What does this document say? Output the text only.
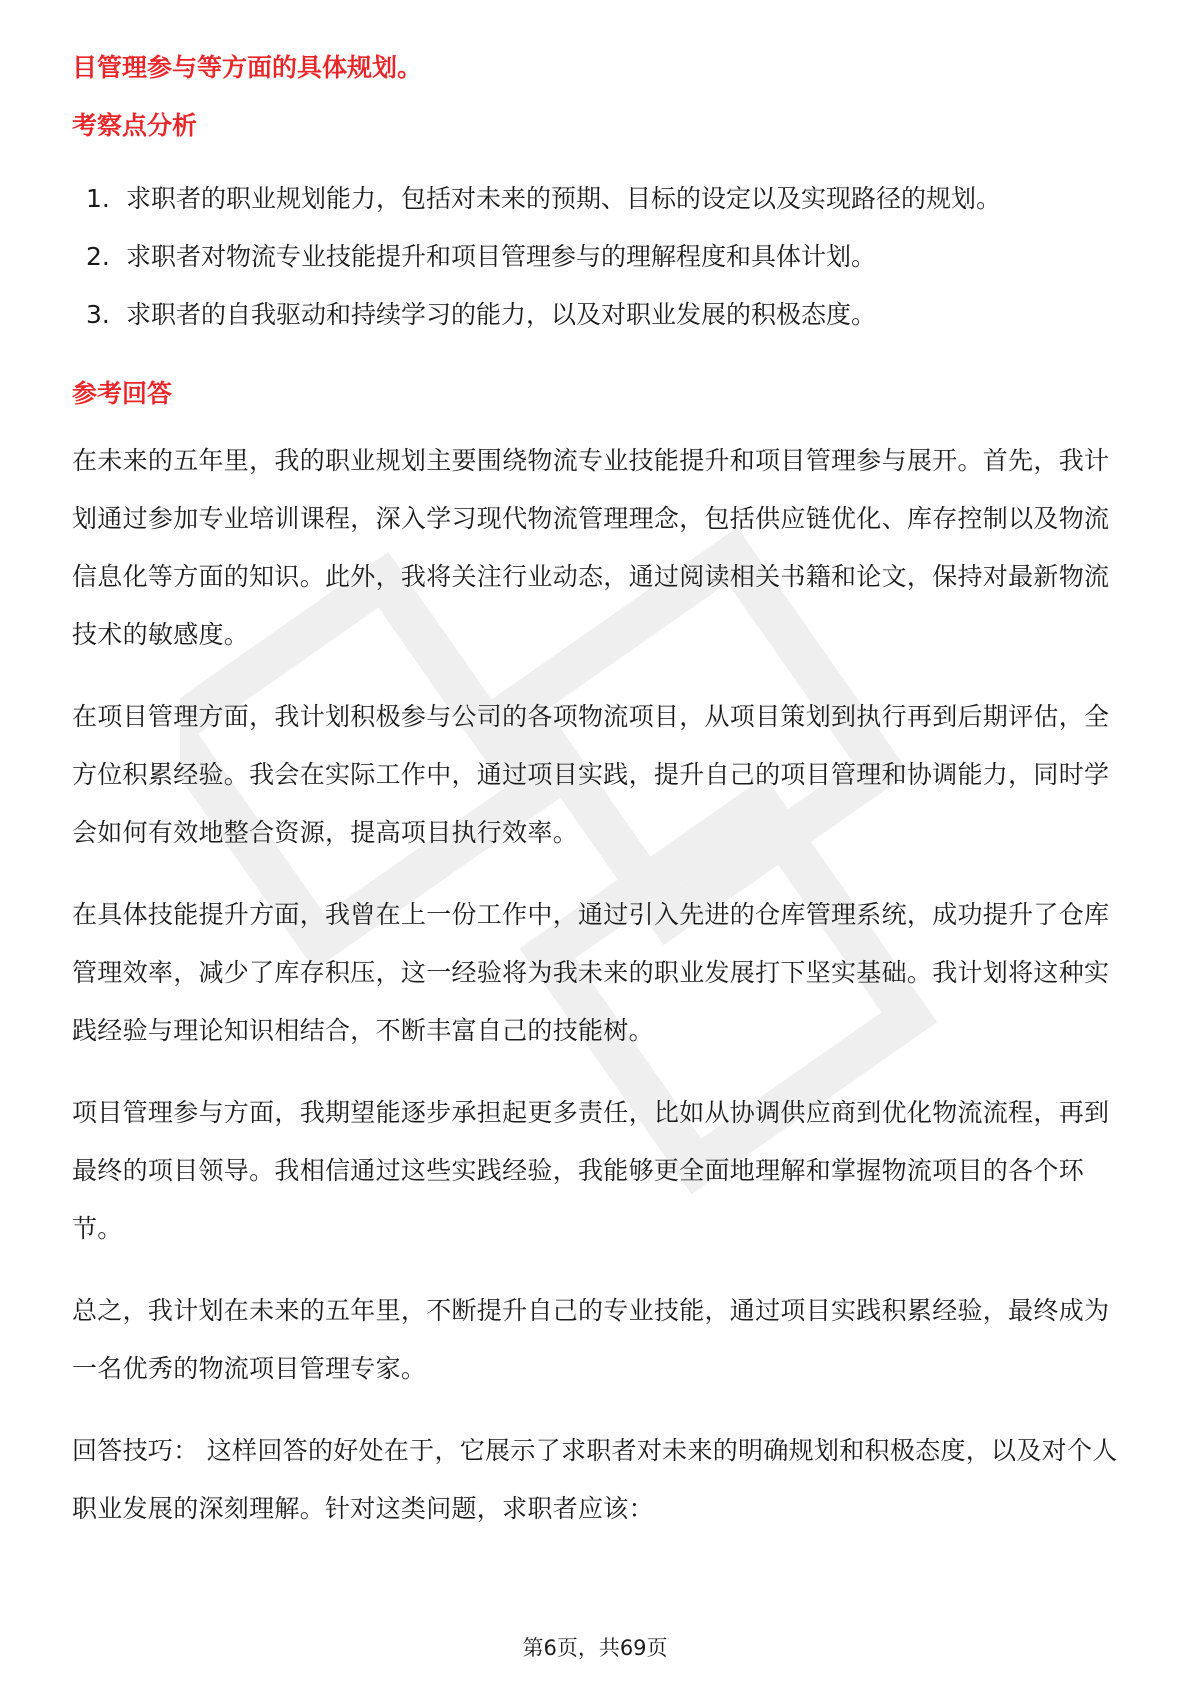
目管理参与等方面的具体规划。

考察点分析
1. 求职者的职业规划能力，包括对未来的预期、目标的设定以及实现路径的规划。
2. 求职者对物流专业技能提升和项目管理参与的理解程度和具体计划。
3. 求职者的自我驱动和持续学习的能力，以及对职业发展的积极态度。
参考回答

在未来的五年里，我的职业规划主要围绕物流专业技能提升和项目管理参与展开。首先，我计划通过参加专业培训课程，深入学习现代物流管理理念，包括供应链优化、库存控制以及物流信息化等方面的知识。此外，我将关注行业动态，通过阅读相关书籍和论文，保持对最新物流技术的敏感度。

在项目管理方面，我计划积极参与公司的各项物流项目，从项目策划到执行再到后期评估，全方位积累经验。我会在实际工作中，通过项目实践，提升自己的项目管理和协调能力，同时学会如何有效地整合资源，提高项目执行效率。

在具体技能提升方面，我曾在上一份工作中，通过引入先进的仓库管理系统，成功提升了仓库管理效率，减少了库存积压，这一经验将为我未来的职业发展打下坚实基础。我计划将这种实践经验与理论知识相结合，不断丰富自己的技能树。

项目管理参与方面，我期望能逐步承担起更多责任，比如从协调供应商到优化物流流程，再到最终的项目领导。我相信通过这些实践经验，我能够更全面地理解和掌握物流项目的各个环节。

总之，我计划在未来的五年里，不断提升自己的专业技能，通过项目实践积累经验，最终成为一名优秀的物流项目管理专家。

回答技巧： 这样回答的好处在于，它展示了求职者对未来的明确规划和积极态度，以及对个人职业发展的深刻理解。针对这类问题，求职者应该：

第6页，共69页
